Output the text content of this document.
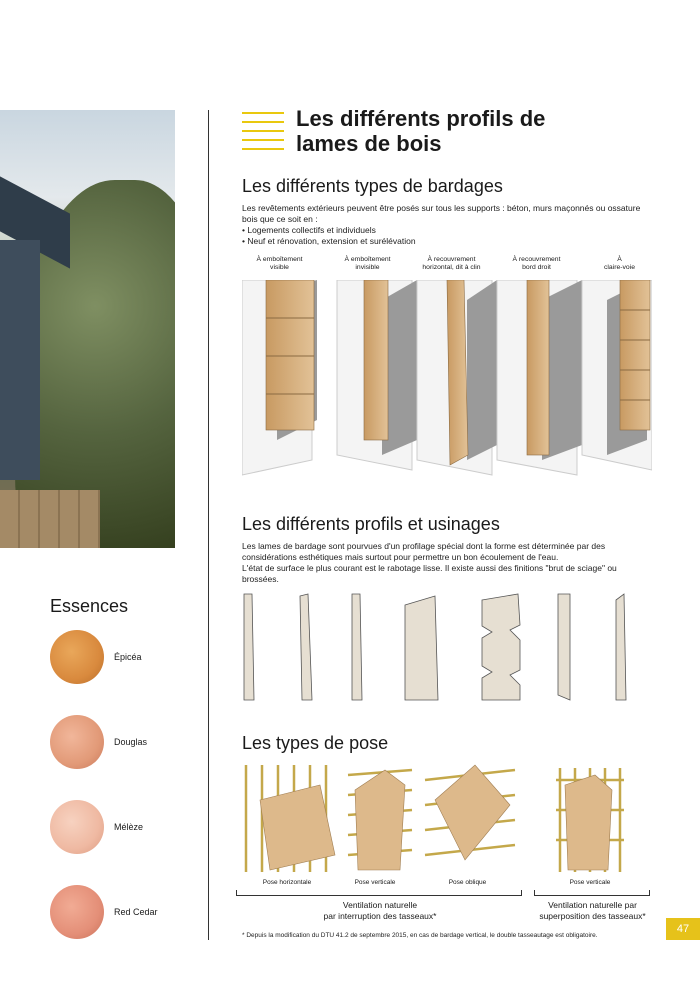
Les différents profils de lames de bois
Les différents types de bardages
Les revêtements extérieurs peuvent être posés sur tous les supports : béton, murs maçonnés ou ossature bois que ce soit en :
• Logements collectifs et individuels
• Neuf et rénovation, extension et surélévation
À emboîtement
visible
À emboîtement
invisible
À recouvrement
horizontal, dit à clin
À recouvrement
bord droit
À
claire-voie
Les différents profils et usinages
Les lames de bardage sont pourvues d'un profilage spécial dont la forme est déterminée par des considérations esthétiques mais surtout pour permettre un bon écoulement de l'eau.
L'état de surface le plus courant est le rabotage lisse. Il existe aussi des finitions "brut de sciage" ou brossées.
Essences
Épicéa
Douglas
Mélèze
Red Cedar
Les types de pose
Pose horizontale	Pose verticale	Pose oblique	Pose verticale
Ventilation naturelle
par interruption des tasseaux*
Ventilation naturelle par
superposition des tasseaux*
* Depuis la modification du DTU 41.2 de septembre 2015, en cas de bardage vertical, le double tasseautage est obligatoire.
47
